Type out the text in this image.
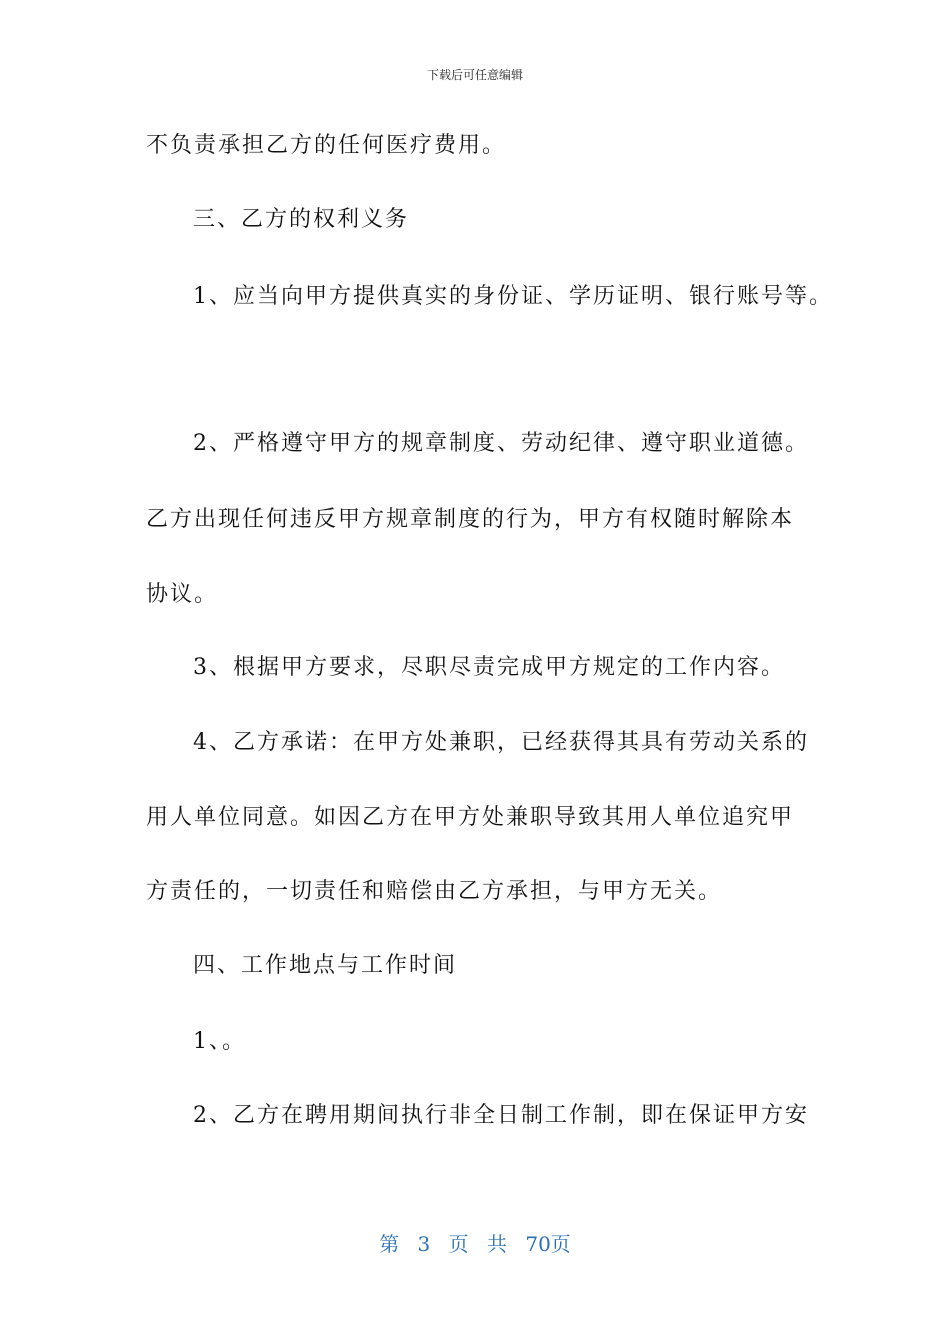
下载后可任意编辑
不负责承担乙方的任何医疗费用。
三、乙方的权利义务
1、应当向甲方提供真实的身份证、学历证明、银行账号等。
2、严格遵守甲方的规章制度、劳动纪律、遵守职业道德。
乙方出现任何违反甲方规章制度的行为，甲方有权随时解除本
协议。
3、根据甲方要求，尽职尽责完成甲方规定的工作内容。
4、乙方承诺：在甲方处兼职，已经获得其具有劳动关系的
用人单位同意。如因乙方在甲方处兼职导致其用人单位追究甲
方责任的，一切责任和赔偿由乙方承担，与甲方无关。
四、工作地点与工作时间
1、。
2、乙方在聘用期间执行非全日制工作制，即在保证甲方安
第 3 页 共 70页
